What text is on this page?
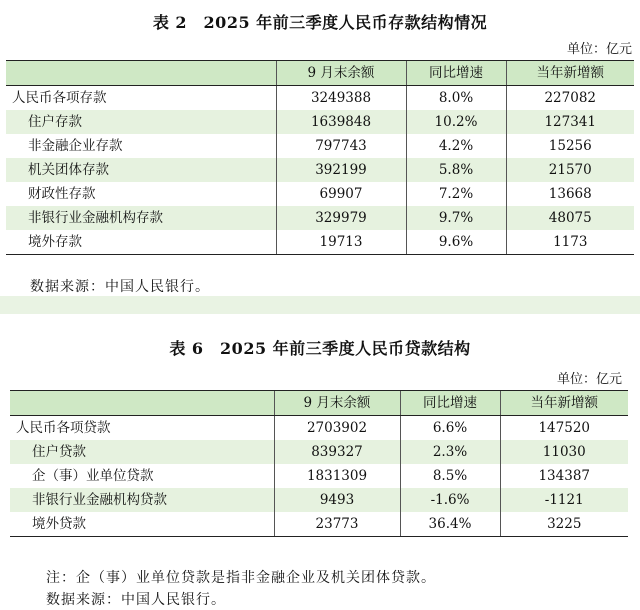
表 2　2025 年前三季度人民币存款结构情况
单位：亿元
	9 月末余额	同比增速	当年新增额
人民币各项存款	3249388	8.0%	227082
住户存款	1639848	10.2%	127341
非金融企业存款	797743	4.2%	15256
机关团体存款	392199	5.8%	21570
财政性存款	69907	7.2%	13668
非银行业金融机构存款	329979	9.7%	48075
境外存款	19713	9.6%	1173
数据来源：中国人民银行。
表 6　2025 年前三季度人民币贷款结构
单位：亿元
	9 月末余额	同比增速	当年新增额
人民币各项贷款	2703902	6.6%	147520
住户贷款	839327	2.3%	11030
企（事）业单位贷款	1831309	8.5%	134387
非银行业金融机构贷款	9493	-1.6%	-1121
境外贷款	23773	36.4%	3225
注：企（事）业单位贷款是指非金融企业及机关团体贷款。
数据来源：中国人民银行。
